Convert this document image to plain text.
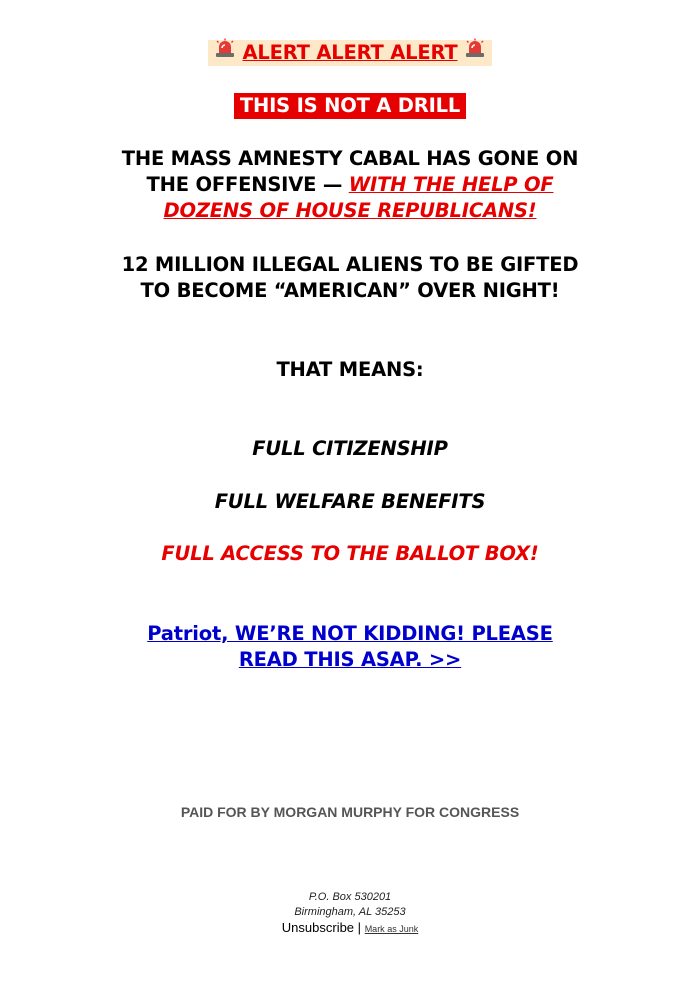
ALERT ALERT ALERT
THIS IS NOT A DRILL
THE MASS AMNESTY CABAL HAS GONE ON THE OFFENSIVE — WITH THE HELP OF DOZENS OF HOUSE REPUBLICANS!
12 MILLION ILLEGAL ALIENS TO BE GIFTED TO BECOME “AMERICAN” OVER NIGHT!
THAT MEANS:
FULL CITIZENSHIP
FULL WELFARE BENEFITS
FULL ACCESS TO THE BALLOT BOX!
Patriot, WE’RE NOT KIDDING! PLEASE READ THIS ASAP. >>
PAID FOR BY MORGAN MURPHY FOR CONGRESS
P.O. Box 530201
Birmingham, AL 35253
Unsubscribe | Mark as Junk
